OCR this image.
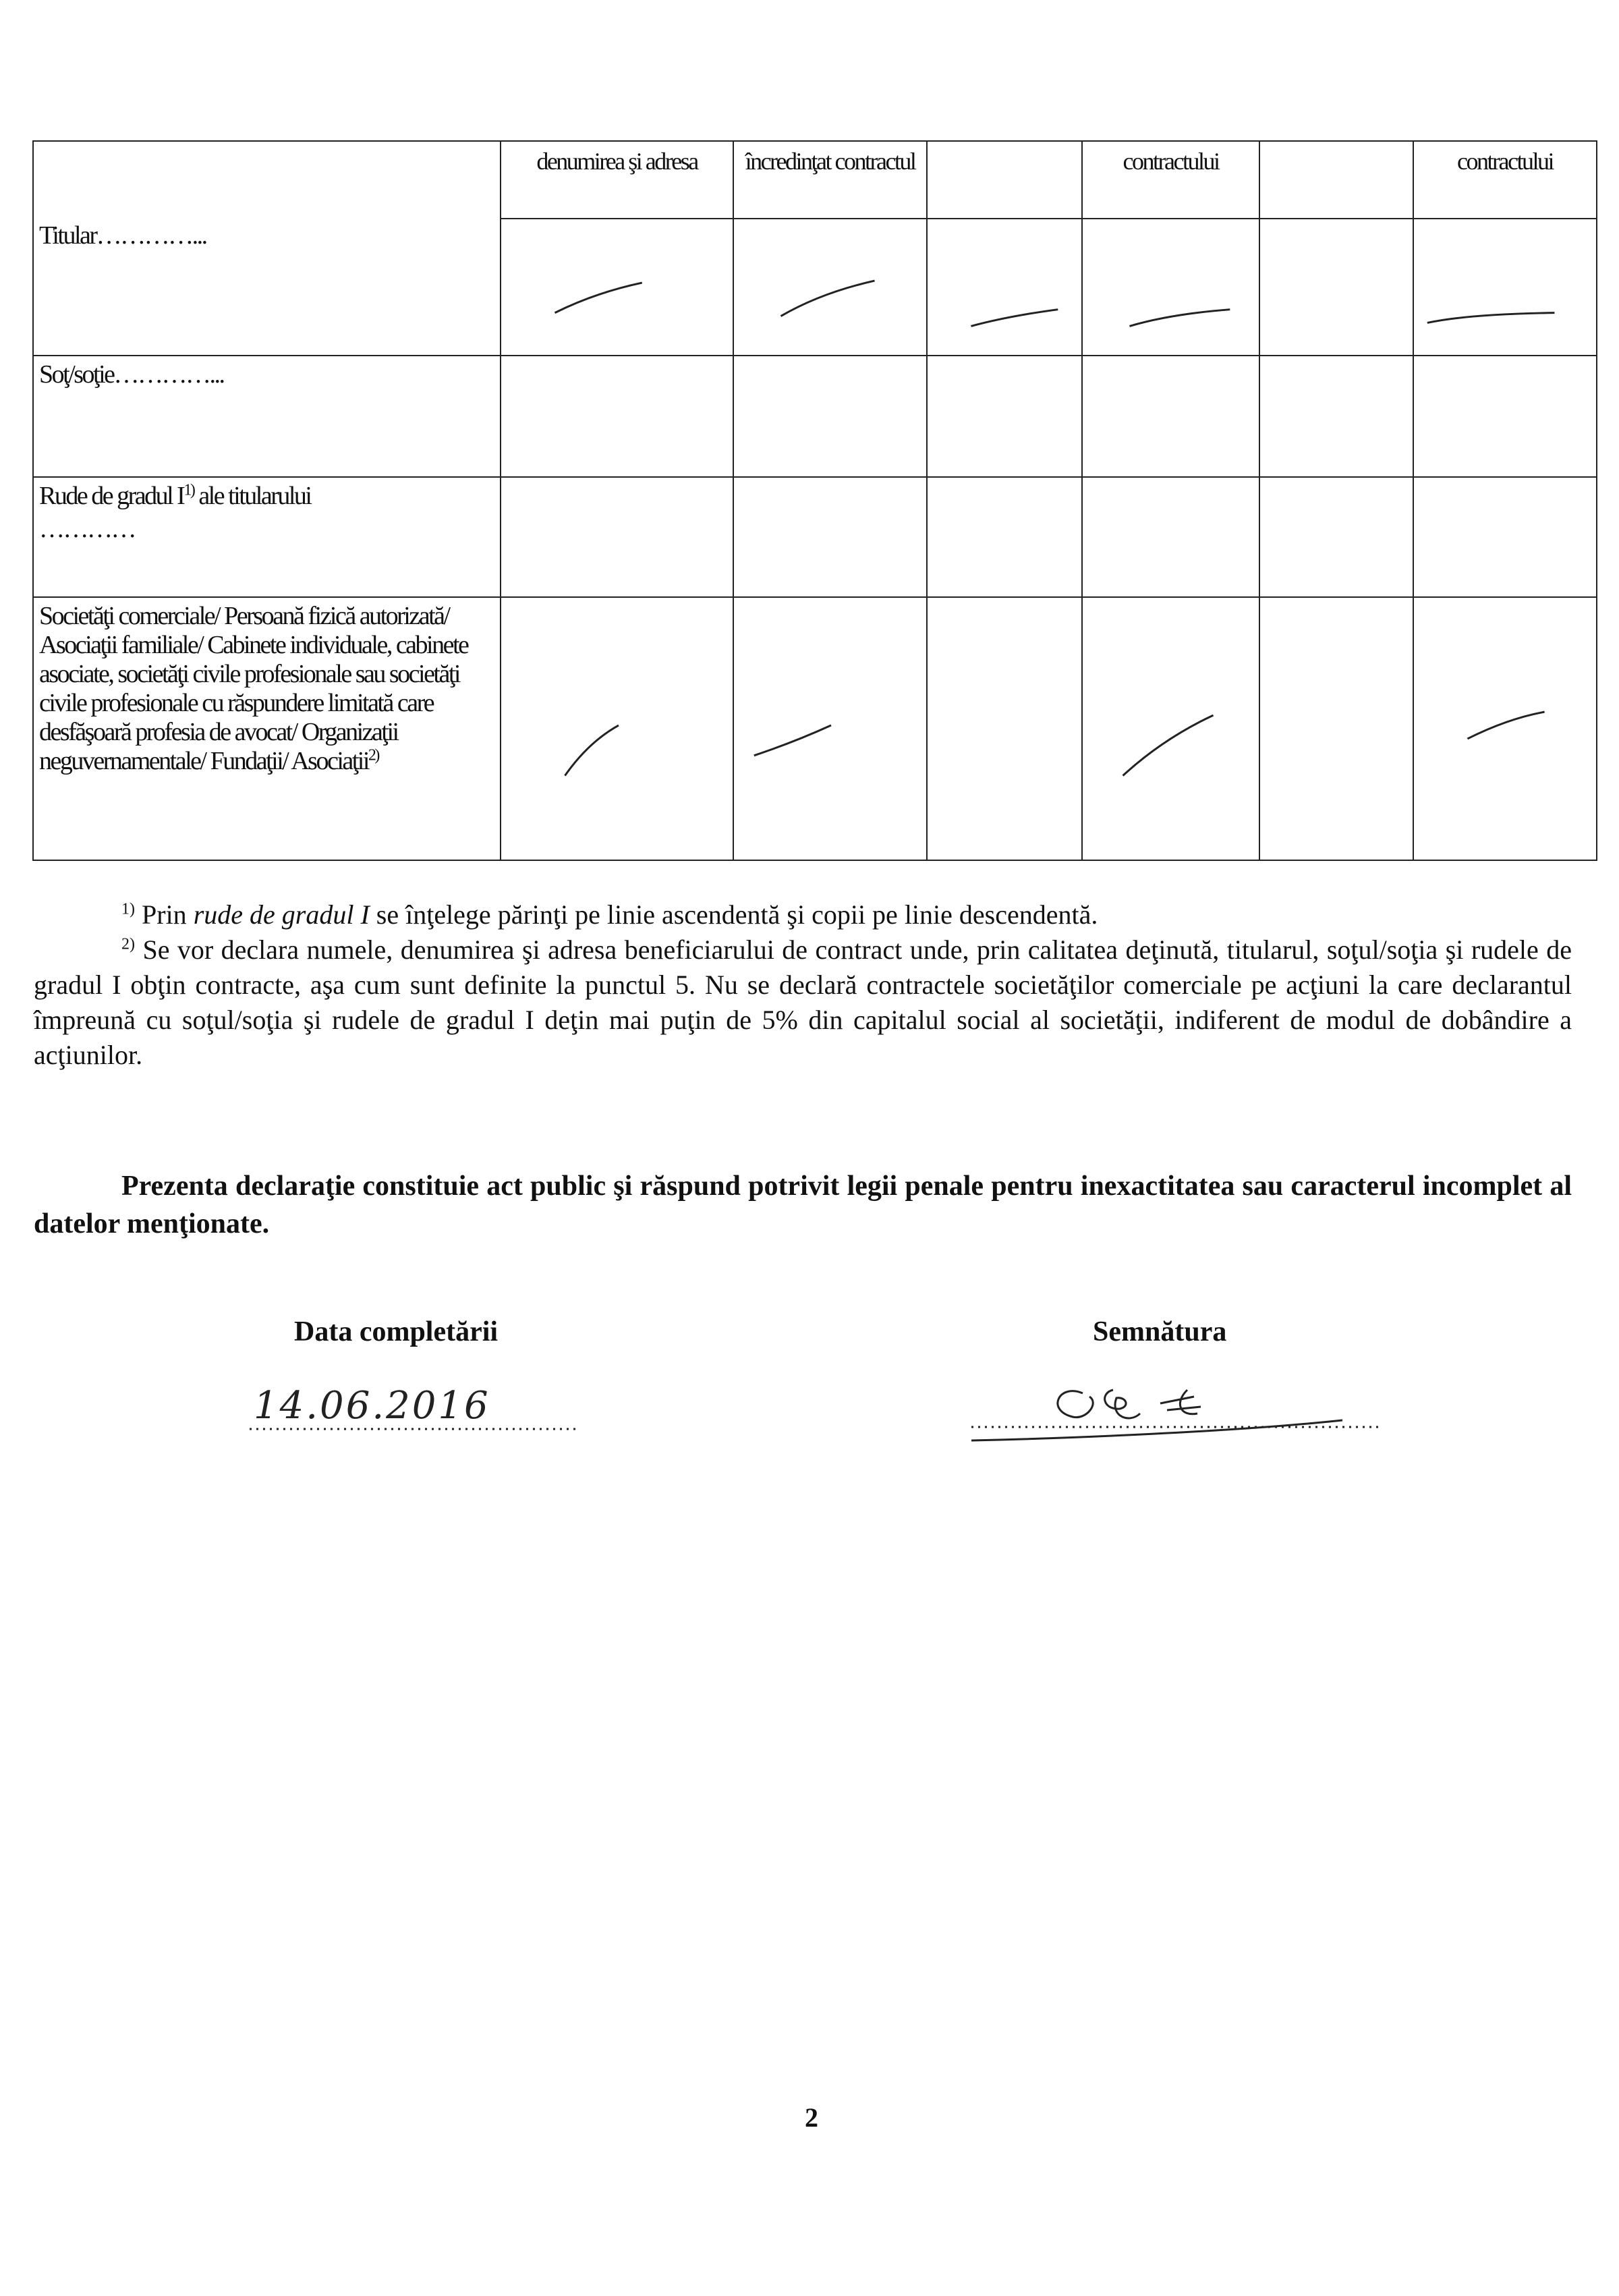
Titular…………...	denumirea şi adresa	încredinţat contractul		contractului		contractului

Soţ/soţie…………...						

Rude de gradul $I^{1)}$ ale titularului
…………						

Societăţi comerciale/ Persoană fizică autorizată/ Asociaţii familiale/ Cabinete individuale, cabinete asociate, societăţi civile profesionale sau societăţi civile profesionale cu răspundere limitată care desfăşoară profesia de avocat/ Organizaţii neguvernamentale/ Fundaţii/ Asociaţii$^{2)}$

$^{1)}$ Prin rude de gradul I se înţelege părinţi pe linie ascendentă şi copii pe linie descendentă.

$^{2)}$ Se vor declara numele, denumirea şi adresa beneficiarului de contract unde, prin calitatea deţinută, titularul, soţul/soţia şi rudele de gradul I obţin contracte, aşa cum sunt definite la punctul 5. Nu se declară contractele societăţilor comerciale pe acţiuni la care declarantul împreună cu soţul/soţia şi rudele de gradul I deţin mai puţin de 5% din capitalul social al societăţii, indiferent de modul de dobândire a acţiunilor.

Prezenta declaraţie constituie act public şi răspund potrivit legii penale pentru inexactitatea sau caracterul incomplet al datelor menţionate.

Data completării	Semnătura
14.06.2016
2
